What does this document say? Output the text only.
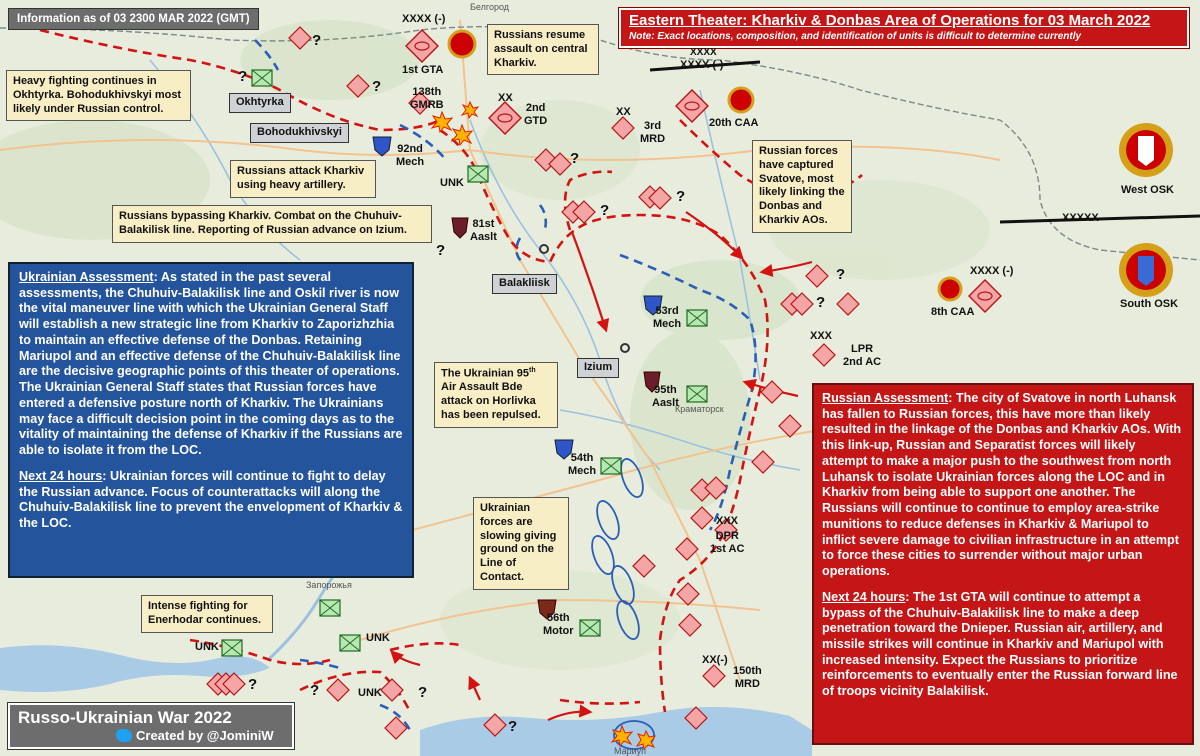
Information as of 03 2300 MAR 2022 (GMT)	Eastern Theater: Kharkiv & Donbas Area of Operations for 03 March 2022
Note: Exact locations, composition, and identification of units is difficult to determine currently
Heavy fighting continues in Okhtyrka. Bohodukhivskyi most likely under Russian control.
Russians resume assault on central Kharkiv.
Russians attack Kharkiv using heavy artillery.
Russians bypassing Kharkiv. Combat on the Chuhuiv-Balakilisk line. Reporting of Russian advance on Izium.
Russian forces have captured Svatove, most likely linking the Donbas and Kharkiv AOs.
The Ukrainian 95th Air Assault Bde attack on Horlivka has been repulsed.
Ukrainian forces are slowing giving ground on the Line of Contact.
Intense fighting for Enerhodar continues.
Okhtyrka
Bohodukhivskyi
Balakliisk
Izium
Белгород
Краматорск
Запорожья
Мариуп
XXXX (-)
XXXX (-)
XXXX
XXXX (-)
XXXXX
XX
XX
XXX
XXX
XX(-)
1st GTA
138th
GMRB	2nd
GTD	3rd
MRD
20th CAA
92nd
Mech
UNK
81st
Aaslt
53rd
Mech
95th
Aaslt
54th
Mech
56th
Motor
LPR
2nd AC
DPR
1st AC
150th
MRD
8th CAA
West OSK
South OSK
UNK
UNK
UNK
?
?
?
?
?
?
?
?
?
?	?	?
?
Ukrainian Assessment: As stated in the past several assessments, the Chuhuiv-Balakilisk line and Oskil river is now the vital maneuver line with which the Ukrainian General Staff will establish a new strategic line from Kharkiv to Zaporizhzhia to maintain an effective defense of the Donbas. Retaining Mariupol and an effective defense of the Chuhuiv-Balakilisk line are the decisive geographic points of this theater of operations. The Ukrainian General Staff states that Russian forces have entered a defensive posture north of Kharkiv. The Ukrainians may face a difficult decision point in the coming days as to the vitality of maintaining the defense of Kharkiv if the Russians are able to isolate it from the LOC.
Next 24 hours: Ukrainian forces will continue to fight to delay the Russian advance. Focus of counterattacks will along the Chuhuiv-Balakilisk line to prevent the envelopment of Kharkiv & the LOC.
Russian Assessment: The city of Svatove in north Luhansk has fallen to Russian forces, this have more than likely resulted in the linkage of the Donbas and Kharkiv AOs. With this link-up, Russian and Separatist forces will likely attempt to make a major push to the southwest from north Luhansk to isolate Ukrainian forces along the LOC and in Kharkiv from being able to support one another. The Russians will continue to continue to employ area-strike munitions to reduce defenses in Kharkiv & Mariupol to inflict severe damage to civilian infrastructure in an attempt to force these cities to surrender without major urban operations.
Next 24 hours: The 1st GTA will continue to attempt a bypass of the Chuhuiv-Balakilisk line to make a deep penetration toward the Dnieper. Russian air, artillery, and missile strikes will continue in Kharkiv and Mariupol with increased intensity. Expect the Russians to prioritize reinforcements to eventually enter the Russian forward line of troops vicinity Balakilisk.
Russo-Ukrainian War 2022
Created by @JominiW
